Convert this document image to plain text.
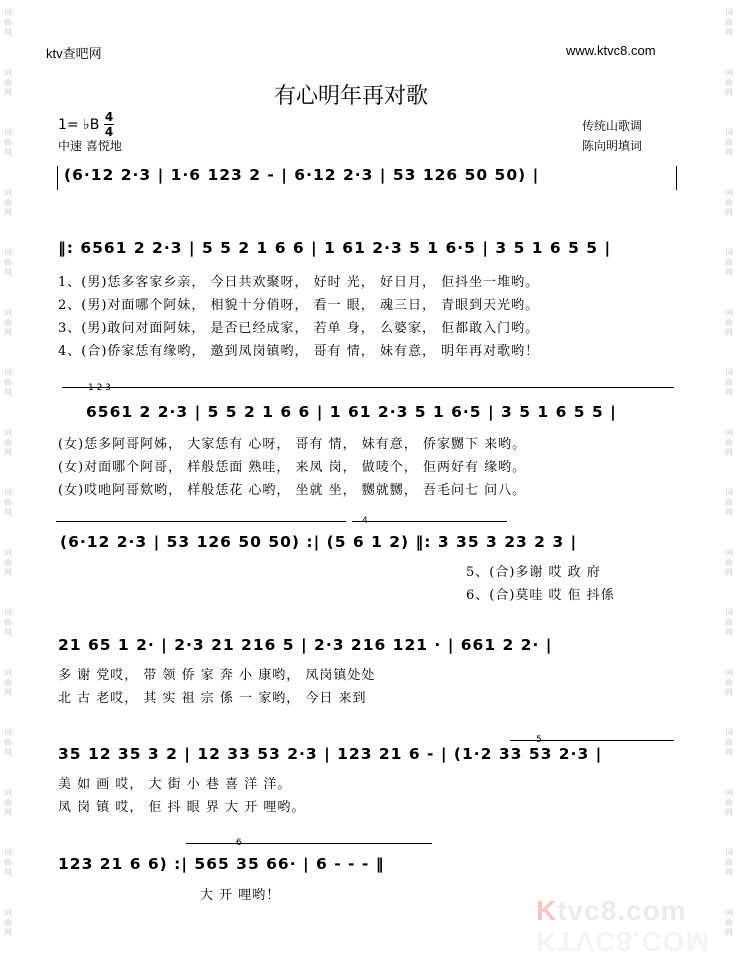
词曲网
词曲网
词曲网
词曲网
词曲网
词曲网
词曲网
词曲网
词曲网
词曲网
词曲网
词曲网
词曲网
词曲网
词曲网
词曲网
词曲网
词曲网
词曲网
词曲网
词曲网
词曲网
词曲网
词曲网
词曲网
词曲网
词曲网
词曲网
词曲网
词曲网
词曲网
词曲网
ktv查吧网	www.ktvc8.com
有心明年再对歌
1= ♭B 4
4
中速 喜悦地
传统山歌调
陈向明填词
(6·12 2·3 | 1·6 123 2 - | 6·12 2·3 | 53 126 50 50) |
‖: 6561 2 2·3 | 5 5 2 1 6 6 | 1 61 2·3 5 1 6·5 | 3 5 1 6 5 5 |
1、(男)恁多客家乡亲， 今日共欢聚呀， 好时 光， 好日月， 佢抖坐一堆哟。
2、(男)对面哪个阿妹， 相貌十分俏呀， 看一 眼， 魂三日， 青眼到天光哟。
3、(男)敢问对面阿妹， 是否已经成家， 若单 身， 么婆家， 佢都敢入门哟。
4、(合)侨家恁有缘哟， 邀到凤岗镇哟， 哥有 情， 妹有意， 明年再对歌哟！
1 2 3
6561 2 2·3 | 5 5 2 1 6 6 | 1 61 2·3 5 1 6·5 | 3 5 1 6 5 5 |
(女)恁多阿哥阿姊， 大家恁有 心呀， 哥有 情， 妹有意， 侨家嬲下 来哟。
(女)对面哪个阿哥， 样般恁面 熟哇， 来凤 岗， 做唛个， 佢两好有 缘哟。
(女)哎吔阿哥欸哟， 样般恁花 心哟， 坐就 坐， 嬲就嬲， 吾毛问七 问八。
4
(6·12 2·3 | 53 126 50 50) :| (5 6 1 2) ‖: 3 35 3 23 2 3 |
5、(合)多谢 哎 政 府
6、(合)莫哇 哎 佢 抖係
21 65 1 2· | 2·3 21 216 5 | 2·3 216 121 · | 661 2 2· |
多 谢 党哎， 带 领 侨 家 奔 小 康哟， 凤岗镇处处
北 古 老哎， 其 实 祖 宗 係 一 家哟， 今日 来到
5
35 12 35 3 2 | 12 33 53 2·3 | 123 21 6 - | (1·2 33 53 2·3 |
美 如 画 哎， 大 街 小 巷 喜 洋 洋。
凤 岗 镇 哎， 佢 抖 眼 界 大 开 哩哟。
6
123 21 6 6) :| 565 35 66· | 6 - - - ‖
大 开 哩哟！	Ktvc8.com
KTVC8.COM
